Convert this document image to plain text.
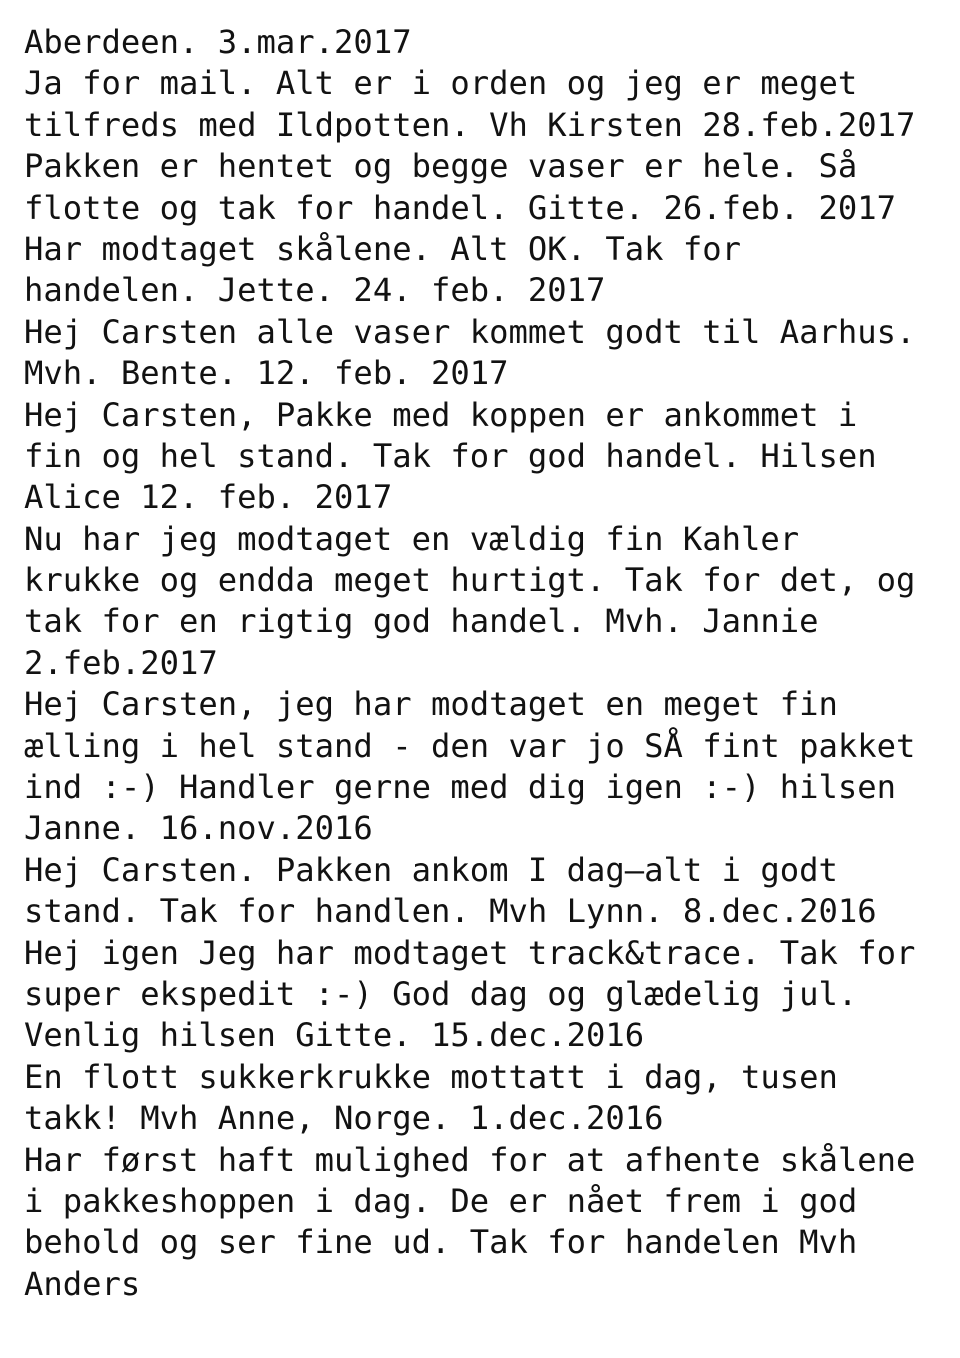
Aberdeen. 3.mar.2017
Ja for mail. Alt er i orden og jeg er meget
tilfreds med Ildpotten. Vh Kirsten 28.feb.2017
Pakken er hentet og begge vaser er hele. Så
flotte og tak for handel. Gitte. 26.feb. 2017
Har modtaget skålene. Alt OK. Tak for
handelen. Jette. 24. feb. 2017
Hej Carsten alle vaser kommet godt til Aarhus.
Mvh. Bente. 12. feb. 2017
Hej Carsten, Pakke med koppen er ankommet i
fin og hel stand. Tak for god handel. Hilsen
Alice 12. feb. 2017
Nu har jeg modtaget en vældig fin Kahler
krukke og endda meget hurtigt. Tak for det, og
tak for en rigtig god handel. Mvh. Jannie
2.feb.2017
Hej Carsten, jeg har modtaget en meget fin
ælling i hel stand - den var jo SÅ fint pakket
ind :-) Handler gerne med dig igen :-) hilsen
Janne. 16.nov.2016
Hej Carsten. Pakken ankom I dag—alt i godt
stand. Tak for handlen. Mvh Lynn. 8.dec.2016
Hej igen Jeg har modtaget track&trace. Tak for
super ekspedit :-) God dag og glædelig jul.
Venlig hilsen Gitte. 15.dec.2016
En flott sukkerkrukke mottatt i dag, tusen
takk! Mvh Anne, Norge. 1.dec.2016
Har først haft mulighed for at afhente skålene
i pakkeshoppen i dag. De er nået frem i god
behold og ser fine ud. Tak for handelen Mvh
Anders
